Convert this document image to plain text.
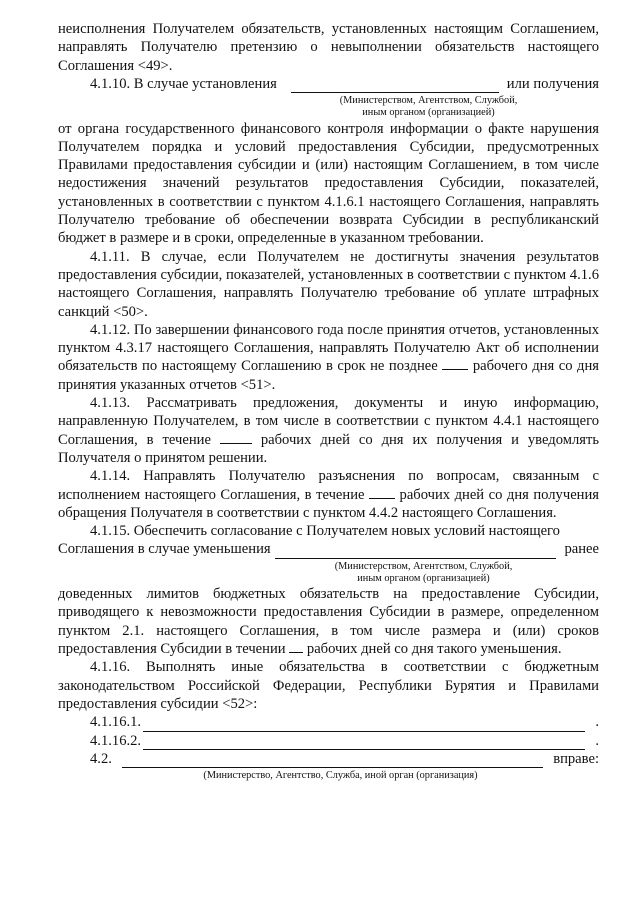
неисполнения Получателем обязательств, установленных настоящим Соглашением, направлять Получателю претензию о невыполнении обязательств настоящего Соглашения <49>.

4.1.10. В случае установления	или получения

(Министерством, Агентством, Службой,

иным органом (организацией)

от органа государственного финансового контроля информации о факте нарушения Получателем порядка и условий предоставления Субсидии, предусмотренных Правилами предоставления субсидии и (или) настоящим Соглашением, в том числе недостижения значений результатов предоставления Субсидии, показателей, установленных в соответствии с пунктом 4.1.6.1 настоящего Соглашения, направлять Получателю требование об обеспечении возврата Субсидии в республиканский бюджет в размере и в сроки, определенные в указанном требовании.

4.1.11. В случае, если Получателем не достигнуты значения результатов предоставления субсидии, показателей, установленных в соответствии с пунктом 4.1.6 настоящего Соглашения, направлять Получателю требование об уплате штрафных санкций <50>.

4.1.12. По завершении финансового года после принятия отчетов, установленных пунктом 4.3.17 настоящего Соглашения, направлять Получателю Акт об исполнении обязательств по настоящему Соглашению в срок не позднее рабочего дня со дня принятия указанных отчетов <51>.

4.1.13. Рассматривать предложения, документы и иную информацию, направленную Получателем, в том числе в соответствии с пунктом 4.4.1 настоящего Соглашения, в течение	рабочих дней со дня их получения и уведомлять Получателя о принятом решении.

4.1.14. Направлять Получателю разъяснения по вопросам, связанным с исполнением настоящего Соглашения, в течение рабочих дней со дня получения обращения Получателя в соответствии с пунктом 4.4.2 настоящего Соглашения.

4.1.15. Обеспечить согласование с Получателем новых условий настоящего

Соглашения в случае уменьшения	ранее

(Министерством, Агентством, Службой,

иным органом (организацией)

доведенных лимитов бюджетных обязательств на предоставление Субсидии, приводящего к невозможности предоставления Субсидии в размере, определенном пунктом 2.1. настоящего Соглашения, в том числе размера и (или) сроков предоставления Субсидии в течении рабочих дней со дня такого уменьшения.

4.1.16. Выполнять иные обязательства в соответствии с бюджетным законодательством Российской Федерации, Республики Бурятия и Правилами предоставления субсидии <52>:

4.1.16.1.	.
4.1.16.2.	.
4.2.	вправе:

(Министерство, Агентство, Служба, иной орган (организация)
